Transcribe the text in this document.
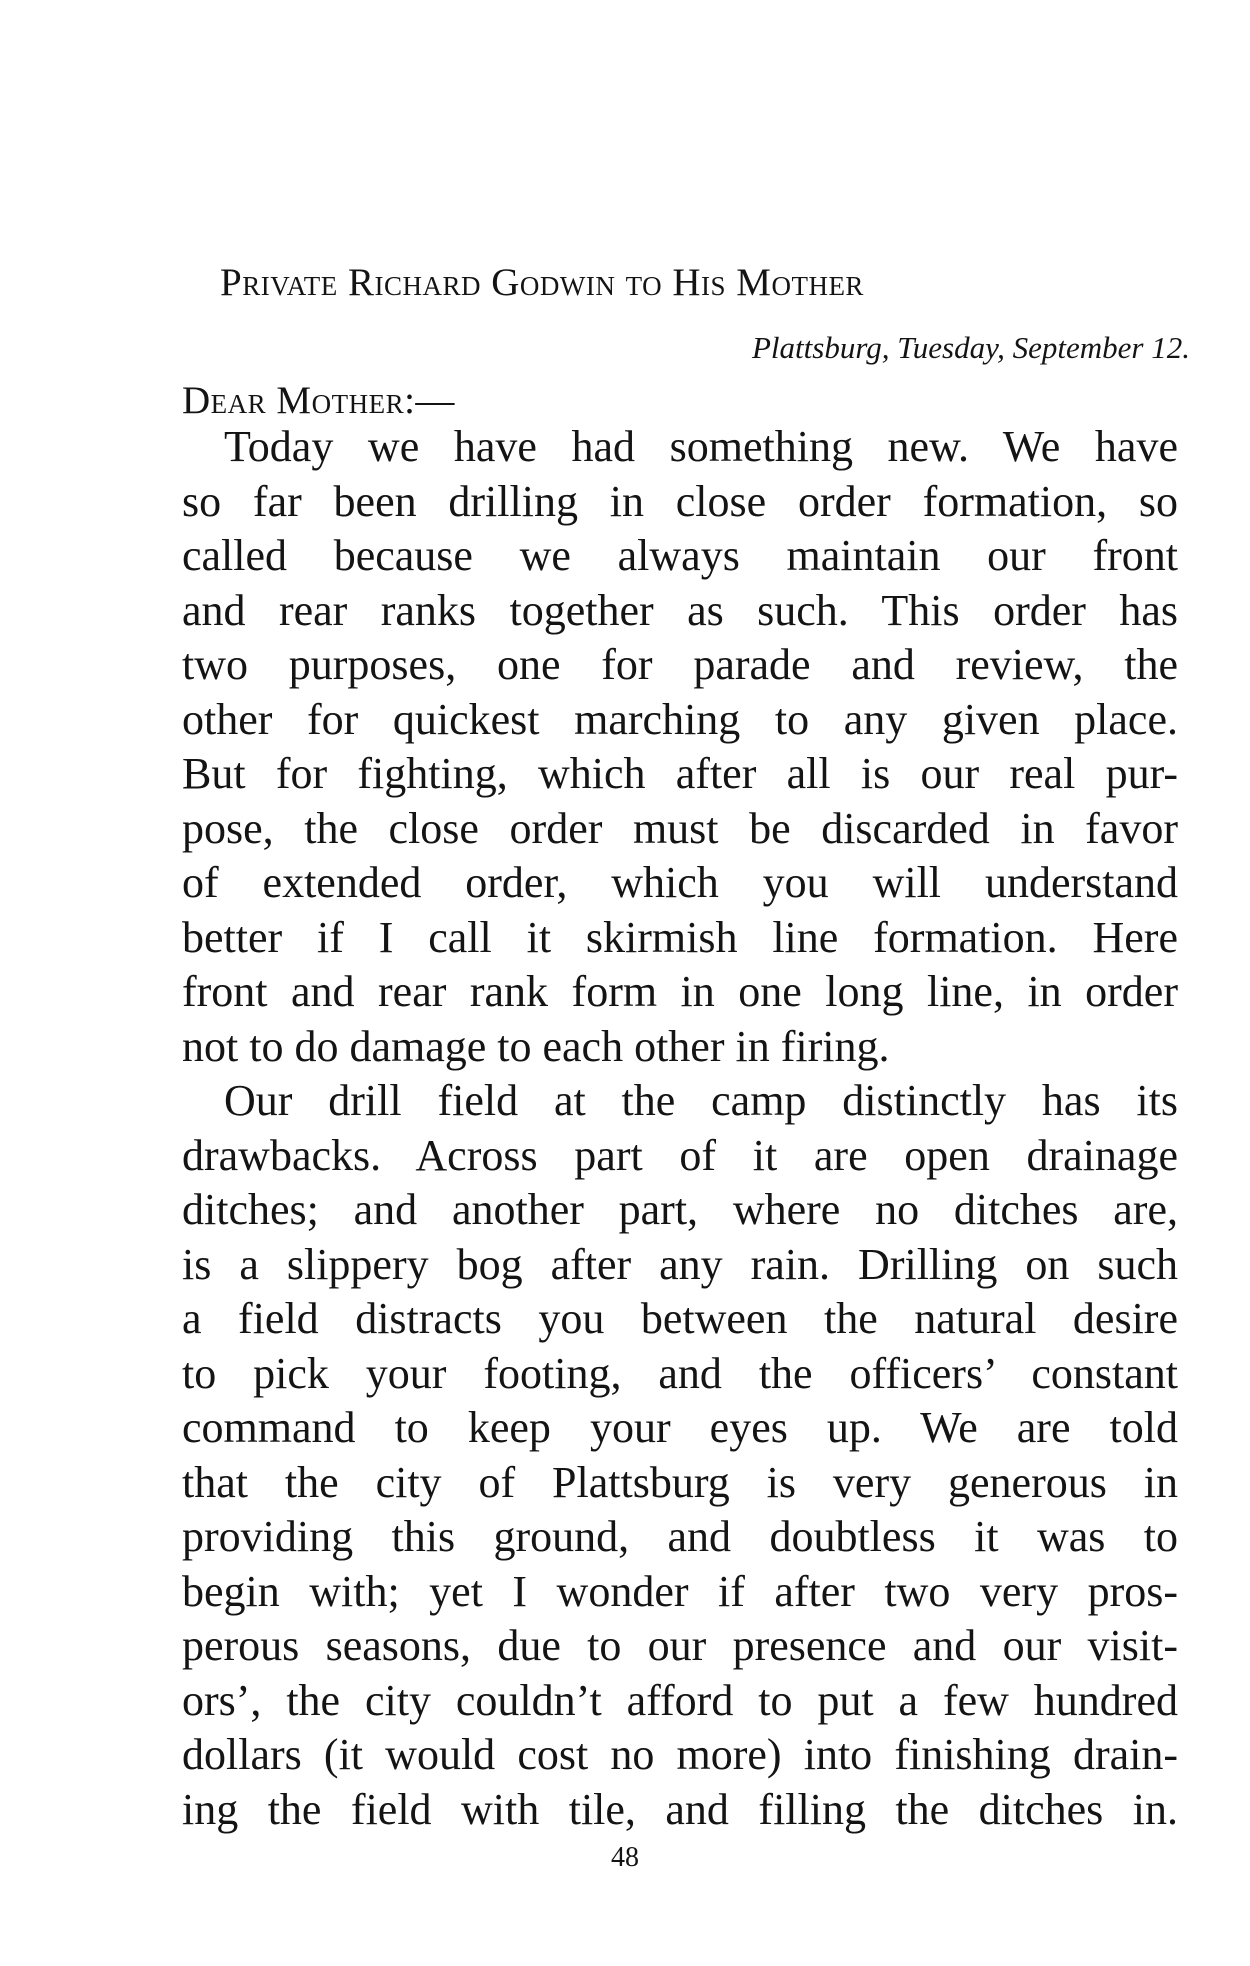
Private Richard Godwin to His Mother
Plattsburg, Tuesday, September 12.
Dear Mother:—
Today we have had something new. We have
so far been drilling in close order formation, so
called because we always maintain our front
and rear ranks together as such. This order has
two purposes, one for parade and review, the
other for quickest marching to any given place.
But for fighting, which after all is our real pur-
pose, the close order must be discarded in favor
of extended order, which you will understand
better if I call it skirmish line formation. Here
front and rear rank form in one long line, in order
not to do damage to each other in firing.
Our drill field at the camp distinctly has its
drawbacks. Across part of it are open drainage
ditches; and another part, where no ditches are,
is a slippery bog after any rain. Drilling on such
a field distracts you between the natural desire
to pick your footing, and the officers’ constant
command to keep your eyes up. We are told
that the city of Plattsburg is very generous in
providing this ground, and doubtless it was to
begin with; yet I wonder if after two very pros-
perous seasons, due to our presence and our visit-
ors’, the city couldn’t afford to put a few hundred
dollars (it would cost no more) into finishing drain-
ing the field with tile, and filling the ditches in.
48
